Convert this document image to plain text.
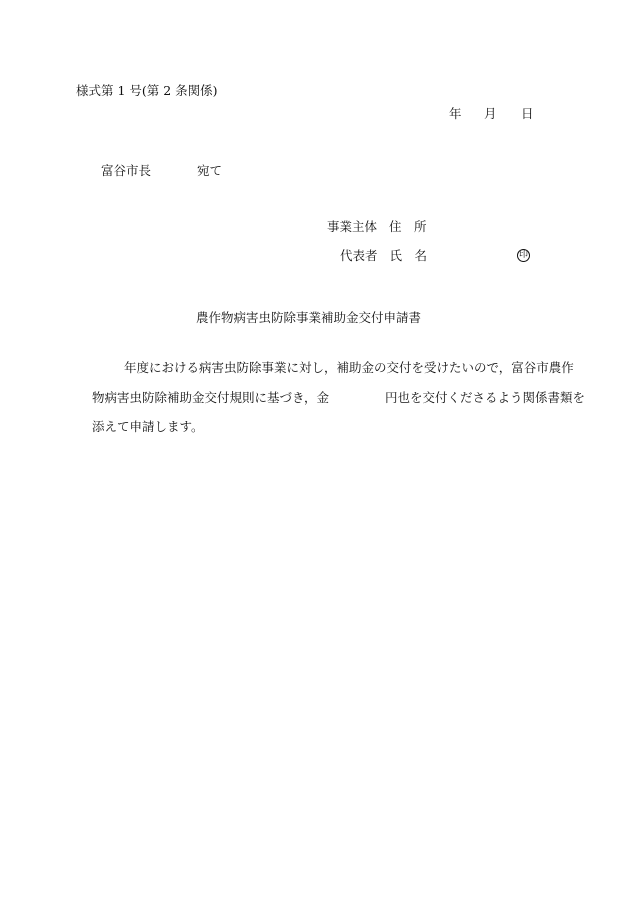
様式第 1 号(第 2 条関係)
年 月 日
富谷市長	宛て
事業主体 住　所
代表者 氏　名	印
農作物病害虫防除事業補助金交付申請書
年度における病害虫防除事業に対し，補助金の交付を受けたいので，富谷市農作
物病害虫防除補助金交付規則に基づき，金	円也を交付くださるよう関係書類を
添えて申請します。
